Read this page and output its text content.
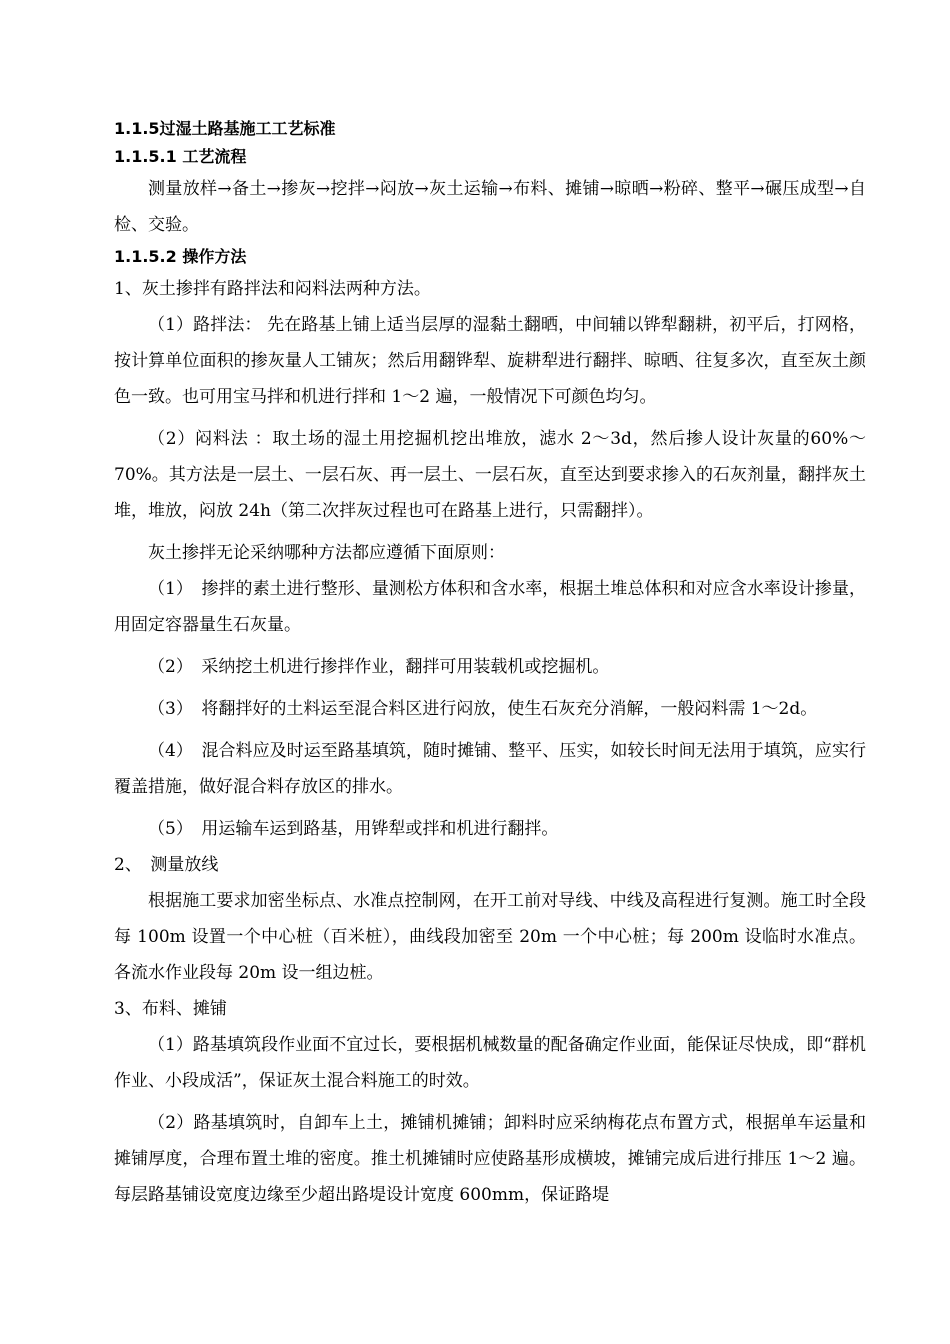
1.1.5过湿土路基施工工艺标准
1.1.5.1 工艺流程

测量放样→备土→掺灰→挖拌→闷放→灰土运输→布料、摊铺→晾晒→粉碎、整平→碾压成型→自检、交验。

1.1.5.2 操作方法

1、灰土掺拌有路拌法和闷料法两种方法。

（1）路拌法： 先在路基上铺上适当层厚的湿黏土翻晒，中间辅以铧犁翻耕，初平后，打网格，按计算单位面积的掺灰量人工铺灰；然后用翻铧犁、旋耕犁进行翻拌、晾晒、往复多次，直至灰土颜色一致。也可用宝马拌和机进行拌和 1～2 遍，一般情况下可颜色均匀。

（2）闷料法 ：取土场的湿土用挖掘机挖出堆放，滤水 2～3d，然后掺人设计灰量的60%～70%。其方法是一层土、一层石灰、再一层土、一层石灰，直至达到要求掺入的石灰剂量，翻拌灰土堆，堆放，闷放 24h（第二次拌灰过程也可在路基上进行，只需翻拌）。

灰土掺拌无论采纳哪种方法都应遵循下面原则：

（1）　掺拌的素土进行整形、量测松方体积和含水率，根据土堆总体积和对应含水率设计掺量，用固定容器量生石灰量。

（2）　采纳挖土机进行掺拌作业，翻拌可用装载机或挖掘机。

（3）　将翻拌好的土料运至混合料区进行闷放，使生石灰充分消解，一般闷料需 1～2d。

（4）　混合料应及时运至路基填筑，随时摊铺、整平、压实，如较长时间无法用于填筑，应实行覆盖措施，做好混合料存放区的排水。

（5）　用运输车运到路基，用铧犁或拌和机进行翻拌。

2、　测量放线

根据施工要求加密坐标点、水准点控制网，在开工前对导线、中线及高程进行复测。施工时全段每 100m 设置一个中心桩（百米桩），曲线段加密至 20m 一个中心桩；每 200m 设临时水准点。各流水作业段每 20m 设一组边桩。

3、布料、摊铺

（1）路基填筑段作业面不宜过长，要根据机械数量的配备确定作业面，能保证尽快成，即“群机作业、小段成活”，保证灰土混合料施工的时效。

（2）路基填筑时，自卸车上土，摊铺机摊铺；卸料时应采纳梅花点布置方式，根据单车运量和摊铺厚度，合理布置土堆的密度。推土机摊铺时应使路基形成横坡，摊铺完成后进行排压 1～2 遍。每层路基铺设宽度边缘至少超出路堤设计宽度 600mm，保证路堤
